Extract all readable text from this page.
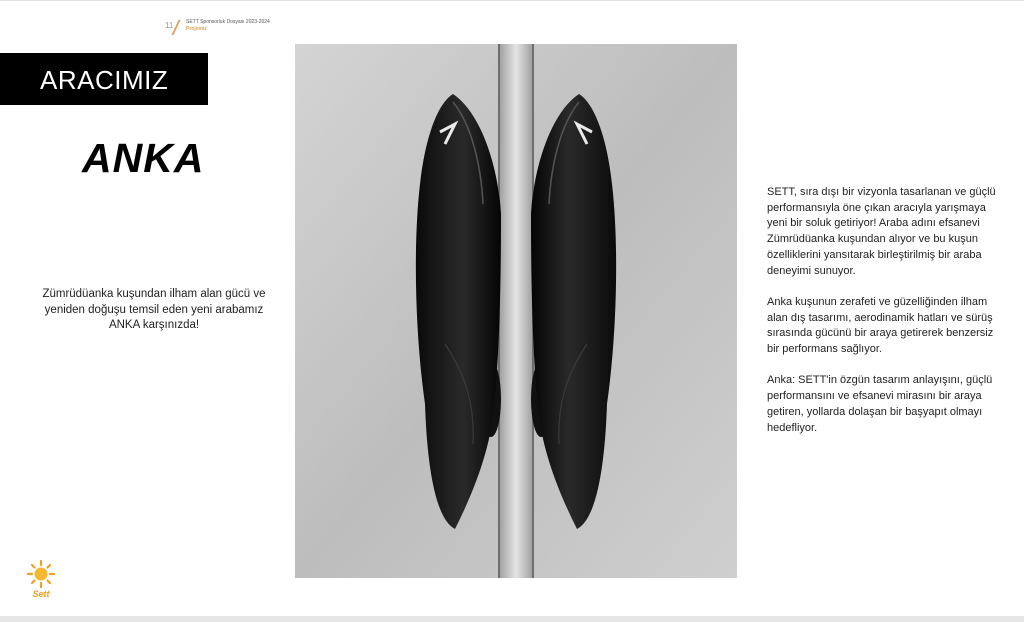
11	SETT Sponsorluk Dosyası 2023-2024
Projemiz
ARACIMIZ
ANKA
Zümrüdüanka kuşundan ilham alan gücü ve yeniden doğuşu temsil eden yeni arabamız ANKA karşınızda!

SETT, sıra dışı bir vizyonla tasarlanan ve güçlü performansıyla öne çıkan aracıyla yarışmaya yeni bir soluk getiriyor! Araba adını efsanevi Zümrüdüanka kuşundan alıyor ve bu kuşun özelliklerini yansıtarak birleştirilmiş bir araba deneyimi sunuyor.

Anka kuşunun zerafeti ve güzelliğinden ilham alan dış tasarımı, aerodinamik hatları ve sürüş sırasında gücünü bir araya getirerek benzersiz bir performans sağlıyor.

Anka: SETT'in özgün tasarım anlayışını, güçlü performansını ve efsanevi mirasını bir araya getiren, yollarda dolaşan bir başyapıt olmayı hedefliyor.

Sett
